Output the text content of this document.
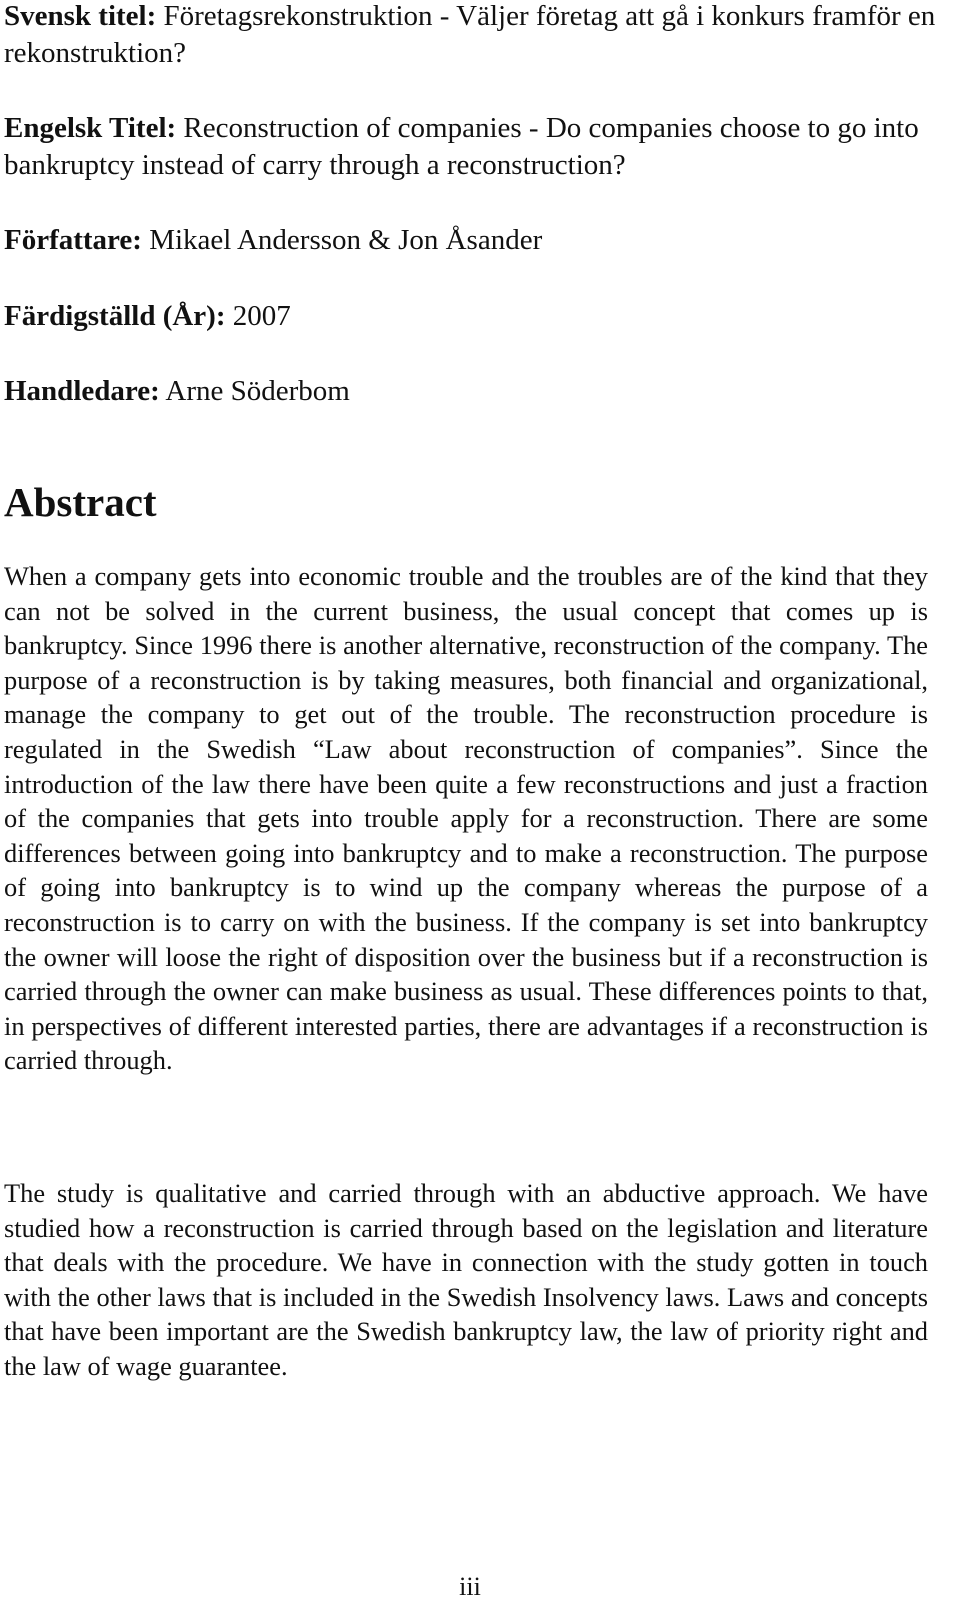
Svensk titel: Företagsrekonstruktion - Väljer företag att gå i konkurs framför en rekonstruktion?

Engelsk Titel: Reconstruction of companies - Do companies choose to go into bankruptcy instead of carry through a reconstruction?

Författare: Mikael Andersson & Jon Åsander

Färdigställd (År): 2007

Handledare: Arne Söderbom

Abstract

When a company gets into economic trouble and the troubles are of the kind that they can not be solved in the current business, the usual concept that comes up is bankruptcy. Since 1996 there is another alternative, reconstruction of the company. The purpose of a reconstruction is by taking measures, both financial and organizational, manage the company to get out of the trouble. The reconstruction procedure is regulated in the Swedish “Law about reconstruction of companies”. Since the introduction of the law there have been quite a few reconstructions and just a fraction of the companies that gets into trouble apply for a reconstruction. There are some differences between going into bankruptcy and to make a reconstruction. The purpose of going into bankruptcy is to wind up the company whereas the purpose of a reconstruction is to carry on with the business. If the company is set into bankruptcy the owner will loose the right of disposition over the business but if a reconstruction is carried through the owner can make business as usual. These differences points to that, in perspectives of different interested parties, there are advantages if a reconstruction is carried through.

The study is qualitative and carried through with an abductive approach. We have studied how a reconstruction is carried through based on the legislation and literature that deals with the procedure. We have in connection with the study gotten in touch with the other laws that is included in the Swedish Insolvency laws. Laws and concepts that have been important are the Swedish bankruptcy law, the law of priority right and the law of wage guarantee.

iii
